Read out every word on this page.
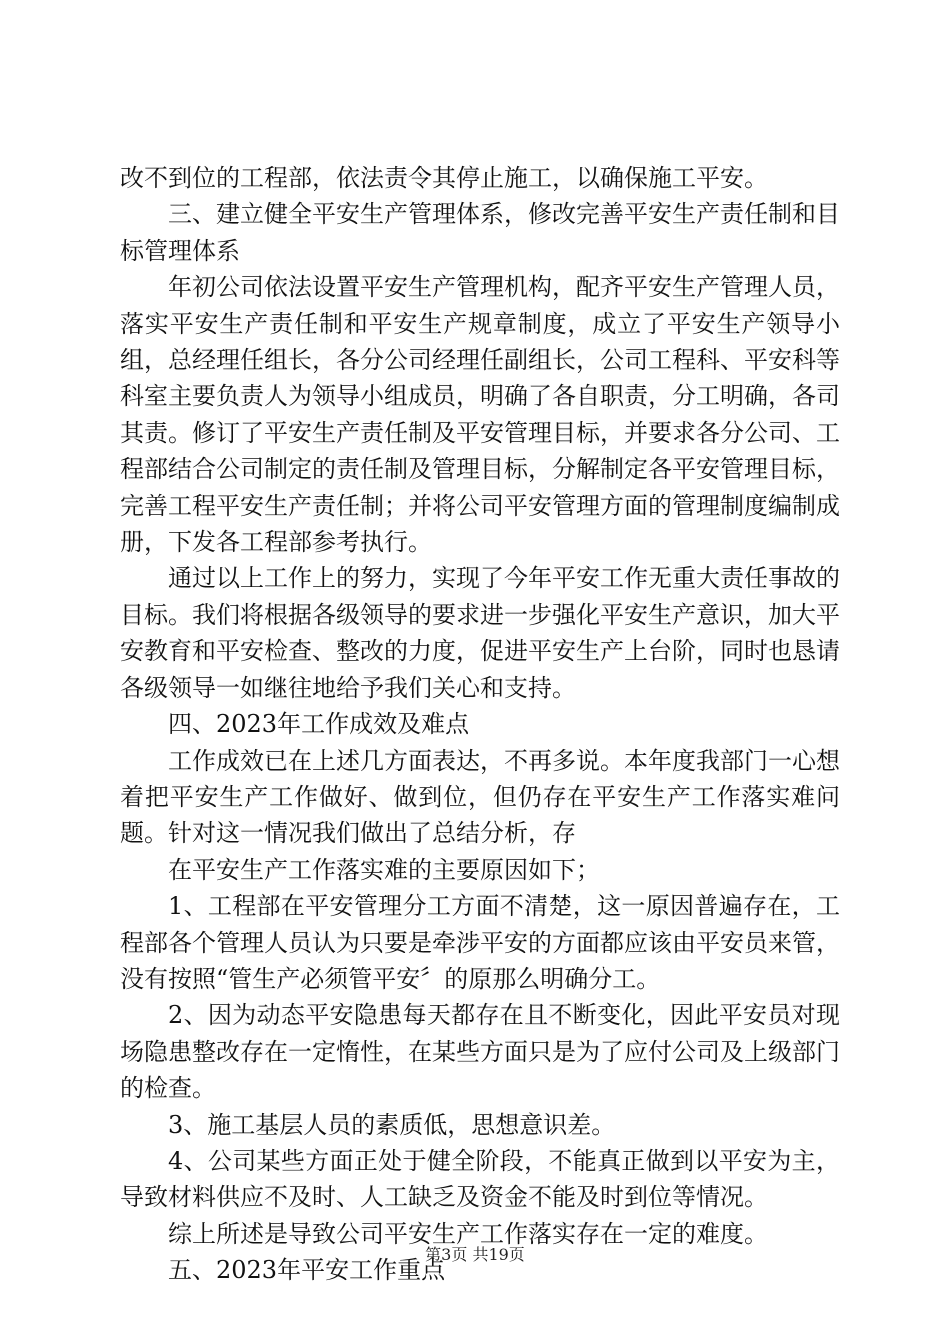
改不到位的工程部，依法责令其停止施工，以确保施工平安。

三、建立健全平安生产管理体系，修改完善平安生产责任制和目标管理体系

年初公司依法设置平安生产管理机构，配齐平安生产管理人员，落实平安生产责任制和平安生产规章制度，成立了平安生产领导小组，总经理任组长，各分公司经理任副组长，公司工程科、平安科等科室主要负责人为领导小组成员，明确了各自职责，分工明确，各司其责。修订了平安生产责任制及平安管理目标，并要求各分公司、工程部结合公司制定的责任制及管理目标，分解制定各平安管理目标，完善工程平安生产责任制；并将公司平安管理方面的管理制度编制成册，下发各工程部参考执行。

通过以上工作上的努力，实现了今年平安工作无重大责任事故的目标。我们将根据各级领导的要求进一步强化平安生产意识，加大平安教育和平安检查、整改的力度，促进平安生产上台阶，同时也恳请各级领导一如继往地给予我们关心和支持。

四、2023年工作成效及难点

工作成效已在上述几方面表达，不再多说。本年度我部门一心想着把平安生产工作做好、做到位，但仍存在平安生产工作落实难问题。针对这一情况我们做出了总结分析，存

在平安生产工作落实难的主要原因如下；

1、工程部在平安管理分工方面不清楚，这一原因普遍存在，工程部各个管理人员认为只要是牵涉平安的方面都应该由平安员来管，没有按照“管生产必须管平安〞的原那么明确分工。

2、因为动态平安隐患每天都存在且不断变化，因此平安员对现场隐患整改存在一定惰性，在某些方面只是为了应付公司及上级部门的检查。

3、施工基层人员的素质低，思想意识差。

4、公司某些方面正处于健全阶段，不能真正做到以平安为主，导致材料供应不及时、人工缺乏及资金不能及时到位等情况。

综上所述是导致公司平安生产工作落实存在一定的难度。

五、2023年平安工作重点

第3页 共19页
